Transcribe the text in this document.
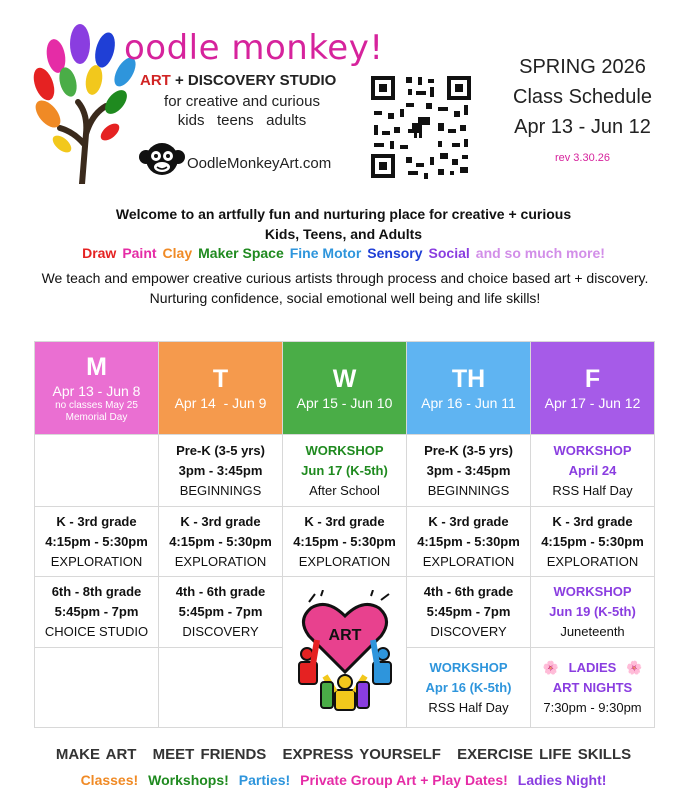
oodle monkey!
ART + DISCOVERY STUDIO
for creative and curious
kids   teens   adults
OodleMonkeyArt.com
SPRING 2026
Class Schedule
Apr 13 - Jun 12
rev 3.30.26
Welcome to an artfully fun and nurturing place for creative + curious
Kids, Teens, and Adults
Draw Paint Clay Maker Space Fine Motor Sensory Social and so much more!
We teach and empower creative curious artists through process and choice based art + discovery. Nurturing confidence, social emotional well being and life skills!
M
Apr 13 - Jun 8
no classes May 25
Memorial Day	T
Apr 14  - Jun 9	W
Apr 15 - Jun 10	TH
Apr 16 - Jun 11	F
Apr 17 - Jun 12

	Pre-K (3-5 yrs)
3pm - 3:45pm
BEGINNINGS	WORKSHOP
Jun 17 (K-5th)
After School	Pre-K (3-5 yrs)
3pm - 3:45pm
BEGINNINGS	WORKSHOP
April 24
RSS Half Day

K - 3rd grade
4:15pm - 5:30pm
EXPLORATION	K - 3rd grade
4:15pm - 5:30pm
EXPLORATION	K - 3rd grade
4:15pm - 5:30pm
EXPLORATION	K - 3rd grade
4:15pm - 5:30pm
EXPLORATION	K - 3rd grade
4:15pm - 5:30pm
EXPLORATION

6th - 8th grade
5:45pm - 7pm
CHOICE STUDIO	4th - 6th grade
5:45pm - 7pm
DISCOVERY	ART	4th - 6th grade
5:45pm - 7pm
DISCOVERY	WORKSHOP
Jun 19 (K-5th)
Juneteenth

			WORKSHOP
Apr 16 (K-5th)
RSS Half Day	🌸 LADIES 🌸
ART NIGHTS
7:30pm - 9:30pm
MAKE ART MEET FRIENDS EXPRESS YOURSELF EXERCISE LIFE SKILLS
Classes! Workshops! Parties! Private Group Art + Play Dates! Ladies Night!
